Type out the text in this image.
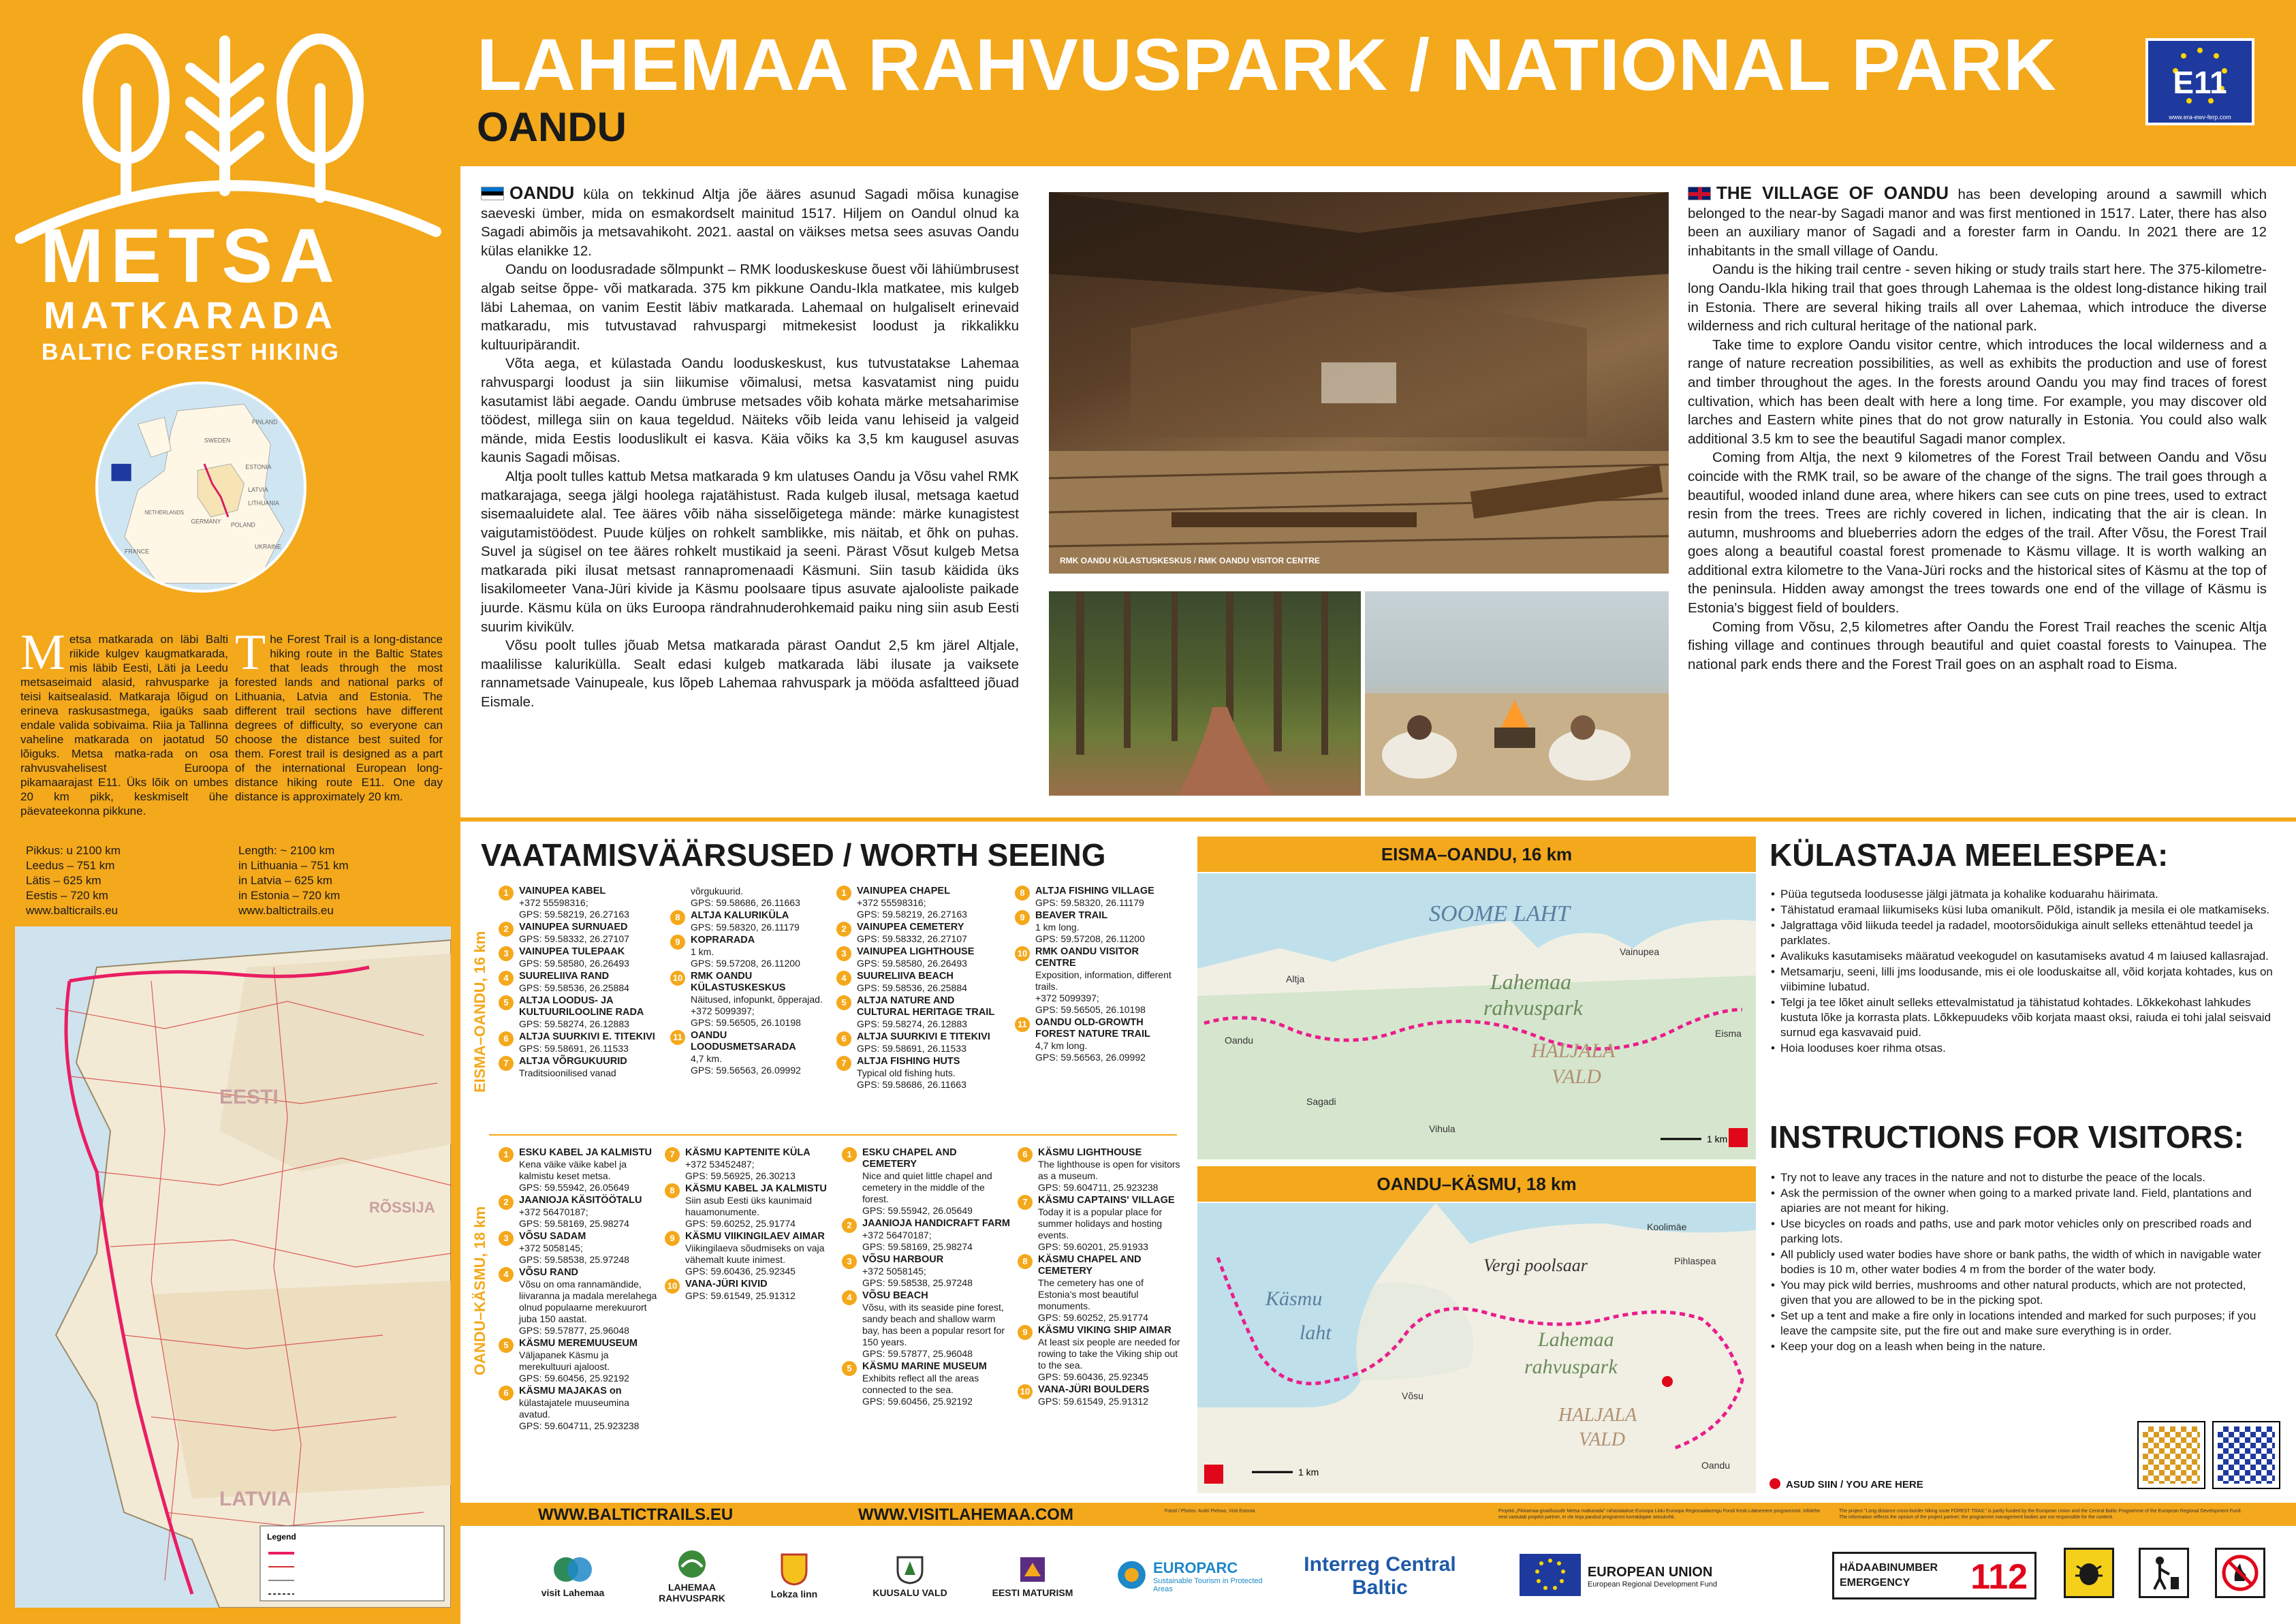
METSA
MATKARADA
BALTIC FOREST HIKING
FINLAND
SWEDEN
ESTONIA
LATVIA
LITHUANIA
POLAND
GERMANY
FRANCE
UKRAINE
NETHERLANDS
Metsa matkarada on läbi Balti riikide kulgev kaugmatkarada, mis läbib Eesti, Läti ja Leedu metsaseimaid alasid, rahvusparke ja teisi kaitsealasid. Matkaraja lõigud on erineva raskusastmega, igaüks saab endale valida sobivaima. Riia ja Tallinna vaheline matkarada on jaotatud 50 lõiguks. Metsa matka-rada on osa rahvusvahelisest Euroopa pikamaarajast E11. Üks lõik on umbes 20 km pikk, keskmiselt ühe päevateekonna pikkune.
The Forest Trail is a long-distance hiking route in the Baltic States that leads through the most forested lands and national parks of Lithuania, Latvia and Estonia. The different trail sections have different degrees of difficulty, so everyone can choose the distance best suited for them. Forest trail is designed as a part of the international European long-distance hiking route E11. One day distance is approximately 20 km.
Pikkus: u 2100 km
Leedus – 751 km
Lätis – 625 km
Eestis – 720 km
www.balticrails.eu
Length: ~ 2100 km
in Lithuania – 751 km
in Latvia – 625 km
in Estonia – 720 km
www.baltictrails.eu
EESTI
LATVIA
RÕSSIJA
Legend
LAHEMAA RAHVUSPARK / NATIONAL PARK
OANDU
E11
www.era-ewv-ferp.com

OANDU küla on tekkinud Altja jõe ääres asunud Sagadi mõisa kunagise saeveski ümber, mida on esmakordselt mainitud 1517. Hiljem on Oandul olnud ka Sagadi abimõis ja metsavahikoht. 2021. aastal on väikses metsa sees asuvas Oandu külas elanikke 12.

Oandu on loodusradade sõlmpunkt – RMK looduskeskuse õuest või lähiümbrusest algab seitse õppe- või matkarada. 375 km pikkune Oandu-Ikla matkatee, mis kulgeb läbi Lahemaa, on vanim Eestit läbiv matkarada. Lahemaal on hulgaliselt erinevaid matkaradu, mis tutvustavad rahvuspargi mitmekesist loodust ja rikkalikku kultuuripärandit.

Võta aega, et külastada Oandu looduskeskust, kus tutvustatakse Lahemaa rahvuspargi loodust ja siin liikumise võimalusi, metsa kasvatamist ning puidu kasutamist läbi aegade. Oandu ümbruse metsades võib kohata märke metsaharimise töödest, millega siin on kaua tegeldud. Näiteks võib leida vanu lehiseid ja valgeid mände, mida Eestis looduslikult ei kasva. Käia võiks ka 3,5 km kaugusel asuvas kaunis Sagadi mõisas.

Altja poolt tulles kattub Metsa matkarada 9 km ulatuses Oandu ja Võsu vahel RMK matkarajaga, seega jälgi hoolega rajatähistust. Rada kulgeb ilusal, metsaga kaetud sisemaaluidete alal. Tee ääres võib näha sisselõigetega mände: märke kunagistest vaigutamistöödest. Puude küljes on rohkelt samblikke, mis näitab, et õhk on puhas. Suvel ja sügisel on tee ääres rohkelt mustikaid ja seeni. Pärast Võsut kulgeb Metsa matkarada piki ilusat metsast rannapromenaadi Käsmuni. Siin tasub käidida üks lisakilomeeter Vana-Jüri kivide ja Käsmu poolsaare tipus asuvate ajalooliste paikade juurde. Käsmu küla on üks Euroopa rändrahnuderohkemaid paiku ning siin asub Eesti suurim kivikülv.

Võsu poolt tulles jõuab Metsa matkarada pärast Oandut 2,5 km järel Altjale, maalilisse kalurikülla. Sealt edasi kulgeb matkarada läbi ilusate ja vaiksete rannametsade Vainupeale, kus lõpeb Lahemaa rahvuspark ja mööda asfaltteed jõuad Eismale.

THE VILLAGE OF OANDU has been developing around a sawmill which belonged to the near-by Sagadi manor and was first mentioned in 1517. Later, there has also been an auxiliary manor of Sagadi and a forester farm in Oandu. In 2021 there are 12 inhabitants in the small village of Oandu.

Oandu is the hiking trail centre - seven hiking or study trails start here. The 375-kilometre-long Oandu-Ikla hiking trail that goes through Lahemaa is the oldest long-distance hiking trail in Estonia. There are several hiking trails all over Lahemaa, which introduce the diverse wilderness and rich cultural heritage of the national park.

Take time to explore Oandu visitor centre, which introduces the local wilderness and a range of nature recreation possibilities, as well as exhibits the production and use of forest and timber throughout the ages. In the forests around Oandu you may find traces of forest cultivation, which has been dealt with here a long time. For example, you may discover old larches and Eastern white pines that do not grow naturally in Estonia. You could also walk additional 3.5 km to see the beautiful Sagadi manor complex.

Coming from Altja, the next 9 kilometres of the Forest Trail between Oandu and Võsu coincide with the RMK trail, so be aware of the change of the signs. The trail goes through a beautiful, wooded inland dune area, where hikers can see cuts on pine trees, used to extract resin from the trees. Trees are richly covered in lichen, indicating that the air is clean. In autumn, mushrooms and blueberries adorn the edges of the trail. After Võsu, the Forest Trail goes along a beautiful coastal forest promenade to Käsmu village. It is worth walking an additional extra kilometre to the Vana-Jüri rocks and the historical sites of Käsmu at the top of the peninsula. Hidden away amongst the trees towards one end of the village of Käsmu is Estonia's biggest field of boulders.

Coming from Võsu, 2,5 kilometres after Oandu the Forest Trail reaches the scenic Altja fishing village and continues through beautiful and quiet coastal forests to Vainupea. The national park ends there and the Forest Trail goes on an asphalt road to Eisma.

RMK OANDU KÜLASTUSKESKUS / RMK OANDU VISITOR CENTRE
VAATAMISVÄÄRSUSED / WORTH SEEING
EISMA–OANDU, 16 km
OANDU–KÄSMU, 18 km
1	VAINUPEA KABEL
+372 55598316;
GPS: 59.58219, 26.27163
2	VAINUPEA SURNUAED
GPS: 59.58332, 26.27107
3	VAINUPEA TULEPAAK
GPS: 59.58580, 26.26493
4	SUURELIIVA RAND
GPS: 59.58536, 26.25884
5	ALTJA LOODUS- JA KULTUURILOOLINE RADA
GPS: 59.58274, 26.12883
6	ALTJA SUURKIVI E. TITEKIVI
GPS: 59.58691, 26.11533
7	ALTJA VÕRGUKUURID
Traditsioonilised vanad
võrgukuurid.
GPS: 59.58686, 26.11663
8	ALTJA KALURIKÜLA
GPS: 59.58320, 26.11179
9	KOPRARADA
1 km.
GPS: 59.57208, 26.11200
10 RMK OANDU KÜLASTUSKESKUS
Näitused, infopunkt, õpperajad. +372 5099397;
GPS: 59.56505, 26.10198
11 OANDU LOODUSMETSARADA
4,7 km.
GPS: 59.56563, 26.09992
1	VAINUPEA CHAPEL
+372 55598316;
GPS: 59.58219, 26.27163
2	VAINUPEA CEMETERY
GPS: 59.58332, 26.27107
3	VAINUPEA LIGHTHOUSE
GPS: 59.58580, 26.26493
4	SUURELIIVA BEACH
GPS: 59.58536, 26.25884
5	ALTJA NATURE AND CULTURAL HERITAGE TRAIL
GPS: 59.58274, 26.12883
6	ALTJA SUURKIVI E TITEKIVI
GPS: 59.58691, 26.11533
7	ALTJA FISHING HUTS
Typical old fishing huts.
GPS: 59.58686, 26.11663
8	ALTJA FISHING VILLAGE
GPS: 59.58320, 26.11179
9	BEAVER TRAIL
1 km long.
GPS: 59.57208, 26.11200
10 RMK OANDU VISITOR CENTRE
Exposition, information, different trails.
+372 5099397;
GPS: 59.56505, 26.10198
11 OANDU OLD-GROWTH FOREST NATURE TRAIL
4,7 km long.
GPS: 59.56563, 26.09992
1	ESKU KABEL JA KALMISTU
Kena väike väike kabel ja kalmistu keset metsa.
GPS: 59.55942, 26.05649
2	JAANIOJA KÄSITÖÖTALU
+372 56470187;
GPS: 59.58169, 25.98274
3	VÕSU SADAM
+372 5058145;
GPS: 59.58538, 25.97248
4	VÕSU RAND
Võsu on oma rannamändide, liivaranna ja madala merelahega olnud populaarne merekuurort juba 150 aastat.
GPS: 59.57877, 25.96048
5	KÄSMU MEREMUUSEUM
Väljapanek Käsmu ja merekultuuri ajaloost.
GPS: 59.60456, 25.92192
6	KÄSMU MAJAKAS on
külastajatele muuseumina avatud.
GPS: 59.604711, 25.923238
7	KÄSMU KAPTENITE KÜLA
+372 53452487;
GPS: 59.56925, 26.30213
8	KÄSMU KABEL JA KALMISTU
Siin asub Eesti üks kaunimaid hauamonumente.
GPS: 59.60252, 25.91774
9	KÄSMU VIIKINGILAEV AIMAR
Viikingilaeva sõudmiseks on vaja vähemalt kuute inimest.
GPS: 59.60436, 25.92345
10 VANA-JÜRI KIVID
GPS: 59.61549, 25.91312
1	ESKU CHAPEL AND CEMETERY
Nice and quiet little chapel and cemetery in the middle of the forest.
GPS: 59.55942, 26.05649
2	JAANIOJA HANDICRAFT FARM
+372 56470187;
GPS: 59.58169, 25.98274
3	VÕSU HARBOUR
+372 5058145;
GPS: 59.58538, 25.97248
4	VÕSU BEACH
Võsu, with its seaside pine forest, sandy beach and shallow warm bay, has been a popular resort for 150 years.
GPS: 59.57877, 25.96048
5	KÄSMU MARINE MUSEUM
Exhibits reflect all the areas connected to the sea.
GPS: 59.60456, 25.92192
6	KÄSMU LIGHTHOUSE
The lighthouse is open for visitors as a museum.
GPS: 59.604711, 25.923238
7	KÄSMU CAPTAINS' VILLAGE
Today it is a popular place for summer holidays and hosting events.
GPS: 59.60201, 25.91933
8	KÄSMU CHAPEL AND CEMETERY
The cemetery has one of Estonia's most beautiful monuments.
GPS: 59.60252, 25.91774
9	KÄSMU VIKING SHIP AIMAR
At least six people are needed for rowing to take the Viking ship out to the sea.
GPS: 59.60436, 25.92345
10 VANA-JÜRI BOULDERS
GPS: 59.61549, 25.91312
EISMA–OANDU, 16 km
SOOME LAHT
Lahemaa
rahvuspark
HALJALA
VALD
Vainupea
Altja
Oandu
Eisma
Vihula
Sagadi
1 km
OANDU–KÄSMU, 18 km
Käsmu
laht
Vergi poolsaar
Lahemaa
rahvuspark
HALJALA
VALD
Võsu
Koolimäe
Pihlaspea
Oandu
1 km
KÜLASTAJA MEELESPEA:
• Püüa tegutseda loodusesse jälgi jätmata ja kohalike koduarahu häirimata.
• Tähistatud eramaal liikumiseks küsi luba omanikult. Põld, istandik ja mesila ei ole matkamiseks.
• Jalgrattaga võid liikuda teedel ja radadel, mootorsõidukiga ainult selleks ettenähtud teedel ja parklates.
• Avalikuks kasutamiseks määratud veekogudel on kasutamiseks avatud 4 m laiused kallasrajad.
• Metsamarju, seeni, lilli jms loodusande, mis ei ole looduskaitse all, võid korjata kohtades, kus on viibimine lubatud.
• Telgi ja tee lõket ainult selleks ettevalmistatud ja tähistatud kohtades. Lõkkekohast lahkudes kustuta lõke ja korrasta plats. Lõkkepuudeks võib korjata maast oksi, raiuda ei tohi jalal seisvaid surnud ega kasvavaid puid.
• Hoia looduses koer rihma otsas.
INSTRUCTIONS FOR VISITORS:
• Try not to leave any traces in the nature and not to disturbe the peace of the locals.
• Ask the permission of the owner when going to a marked private land. Field, plantations and apiaries are not meant for hiking.
• Use bicycles on roads and paths, use and park motor vehicles only on prescribed roads and parking lots.
• All publicly used water bodies have shore or bank paths, the width of which in navigable water bodies is 10 m, other water bodies 4 m from the border of the water body.
• You may pick wild berries, mushrooms and other natural products, which are not protected, given that you are allowed to be in the picking spot.
• Set up a tent and make a fire only in locations intended and marked for such purposes; if you leave the campsite site, put the fire out and make sure everything is in order.
• Keep your dog on a leash when being in the nature.
ASUD SIIN / YOU ARE HERE
WWW.BALTICTRAILS.EU	WWW.VISITLAHEMAA.COM	Fotod / Photos: Andri Pielsoo, Visit Estonia	Projekti „Pikkamaa-gisatõusude Metsa matkarada" rahastatakse Euroopa Liidu Euroopa Regionaalarengu Fondi Kesk-Läänemere programmist. Infolehe eest vastutab projekti partner, ei ole kirja pandud programmi korraldajate seisukohti.
The project "Long distance cross-border hiking route FOREST TRAIL" is partly funded by the European Union and the Central Baltic Programme of the European Regional Development Fund. The information reflects the opinion of the project partner; the programme management bodies are not responsible for the content.
visit Lahemaa	LAHEMAA RAHVUSPARK	Lokza linn	KUUSALU VALD	EESTI MATURISM
EUROPARC
Sustainable Tourism in Protected Areas
Interreg Central Baltic
EUROPEAN UNION
European Regional Development Fund
HÄDAABINUMBER
EMERGENCY	112
